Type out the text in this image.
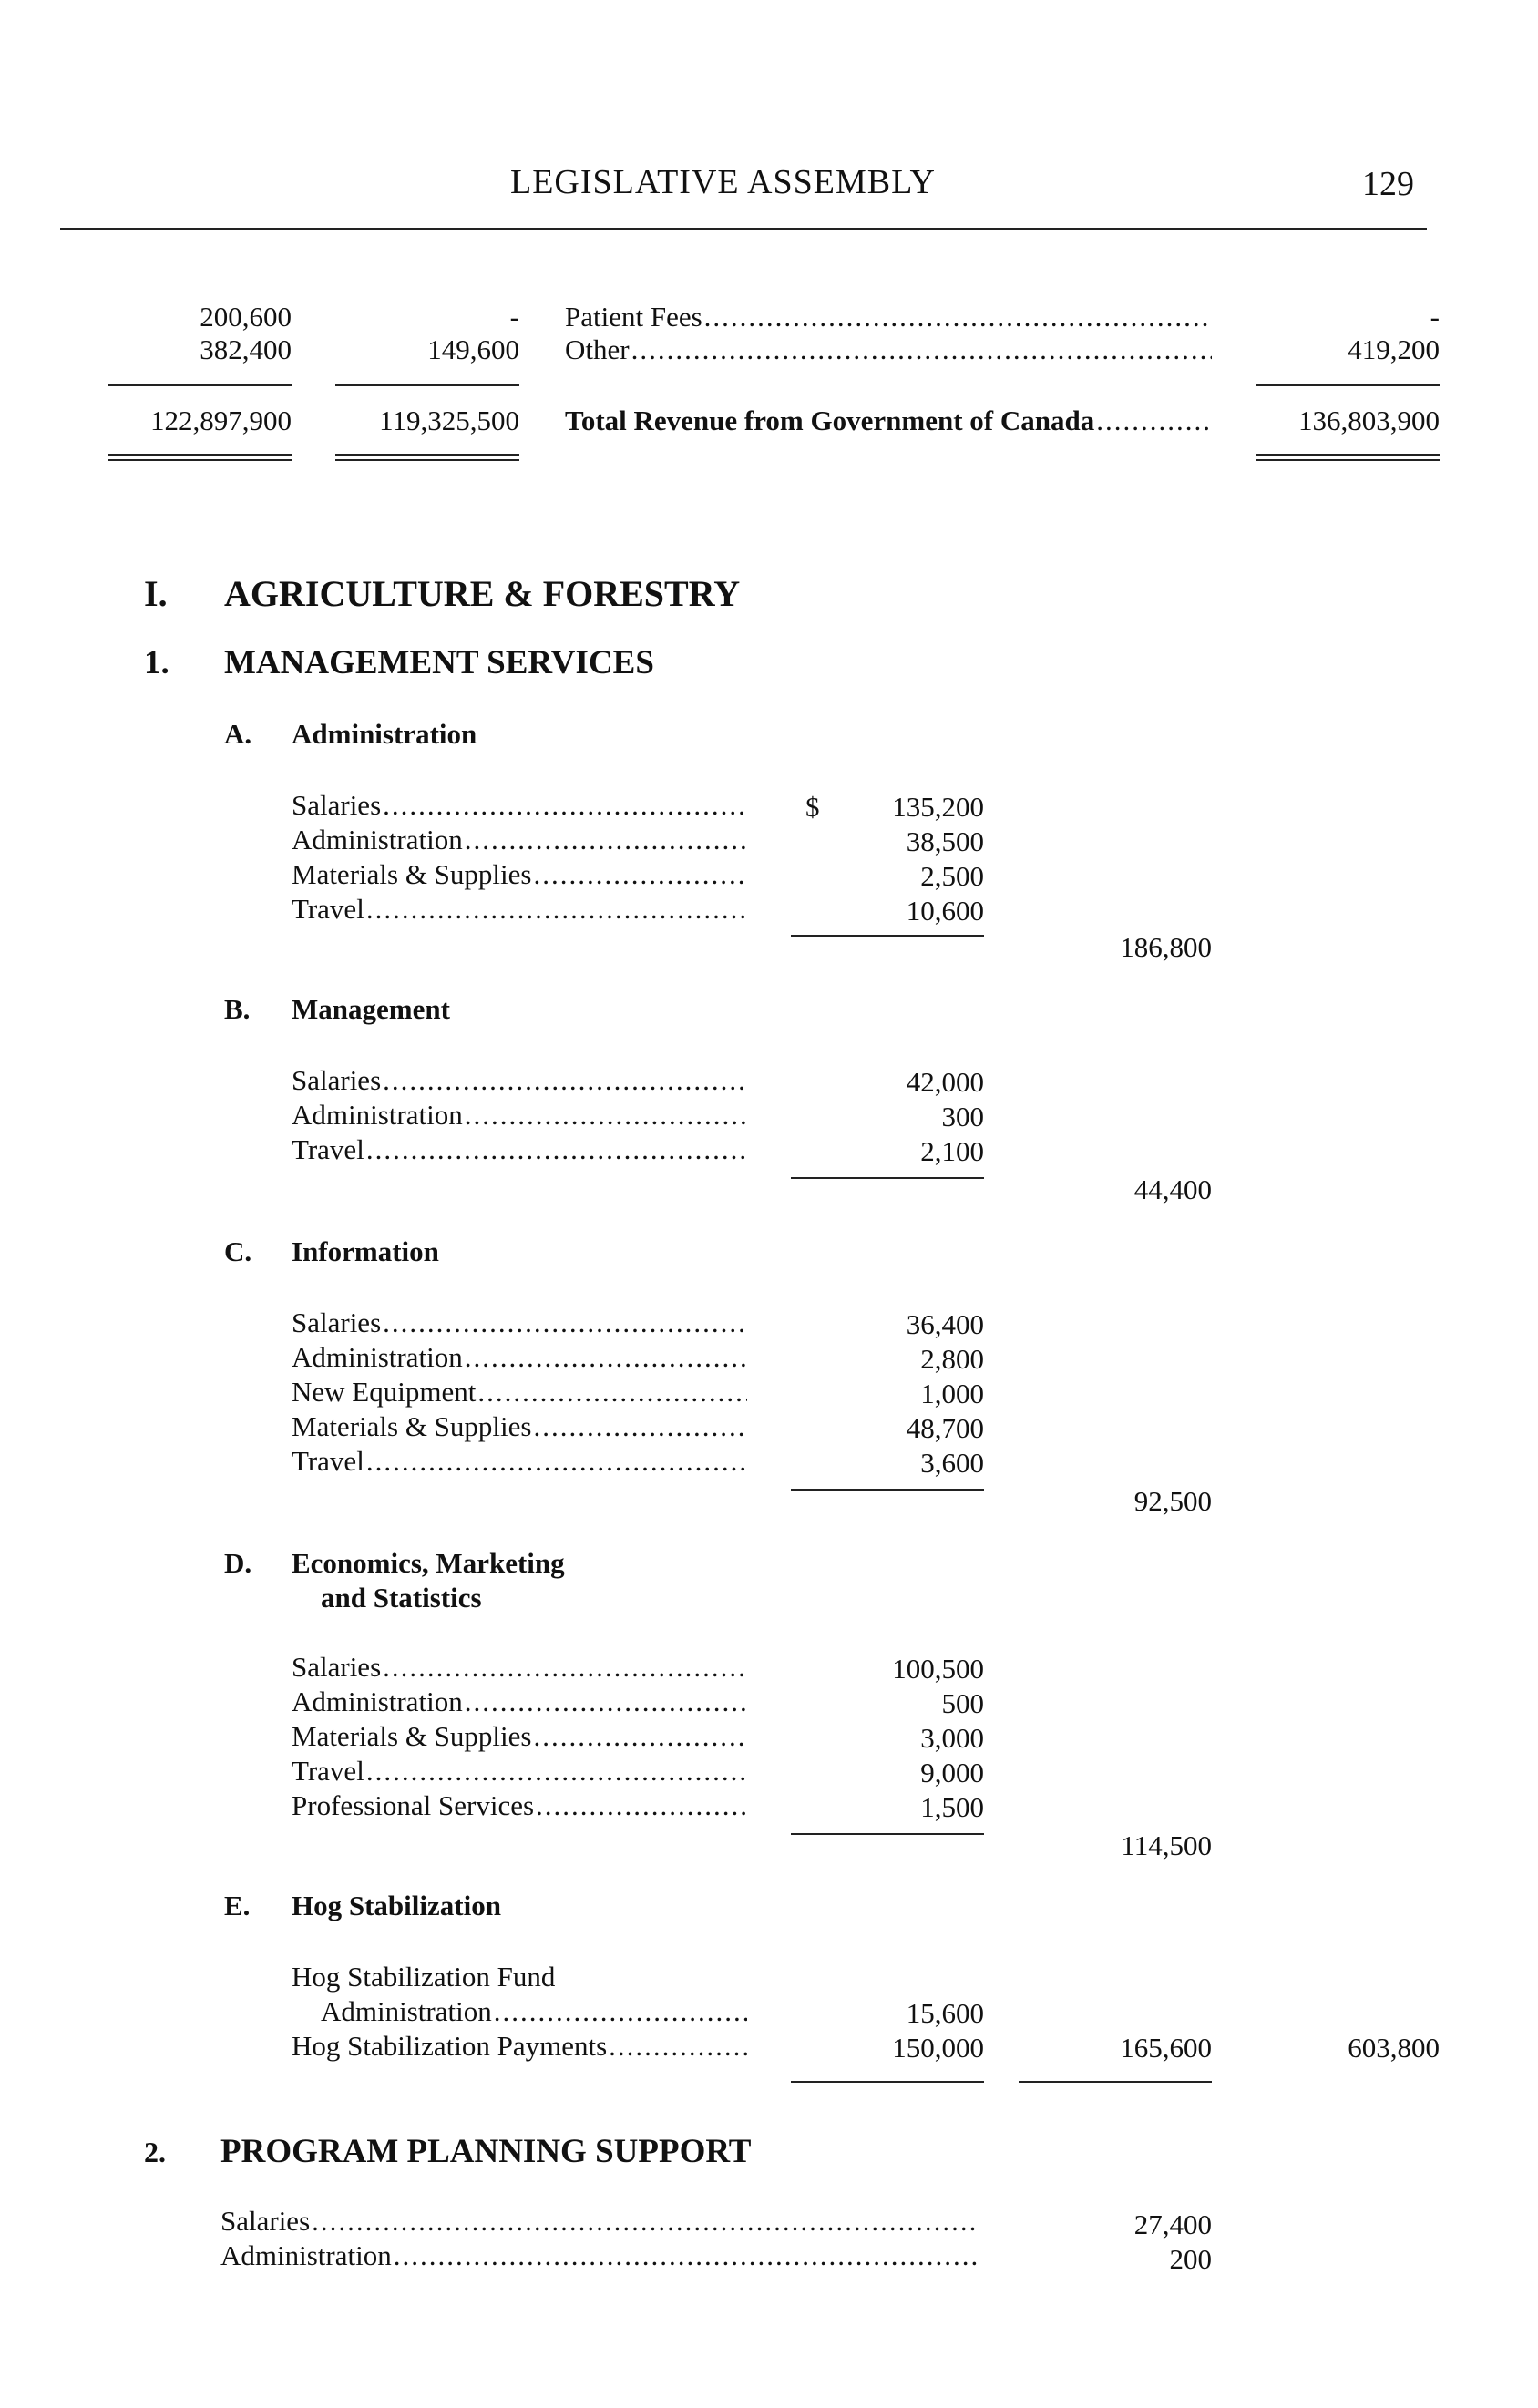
LEGISLATIVE ASSEMBLY	129
200,600	- Patient Fees .....	-
382,400	149,600 Other .....	419,200
122,897,900	119,325,500 Total Revenue from Government of Canada .....	136,803,900
I. AGRICULTURE & FORESTRY
1. MANAGEMENT SERVICES
A. Administration
Salaries .....	$	135,200
Administration .....	38,500
Materials & Supplies .....	2,500
Travel .....	10,600
186,800
B. Management
Salaries .....	42,000
Administration .....	300
Travel .....	2,100
44,400
C. Information
Salaries .....	36,400
Administration .....	2,800
New Equipment .....	1,000
Materials & Supplies .....	48,700
Travel .....	3,600
92,500
D. Economics, Marketing
and Statistics
Salaries .....	100,500
Administration .....	500
Materials & Supplies .....	3,000
Travel .....	9,000
Professional Services .....	1,500
114,500
E. Hog Stabilization
Hog Stabilization Fund
Administration .....	15,600
Hog Stabilization Payments .....	150,000	165,600	603,800
2. PROGRAM PLANNING SUPPORT
Salaries .....	27,400
Administration .....	200
